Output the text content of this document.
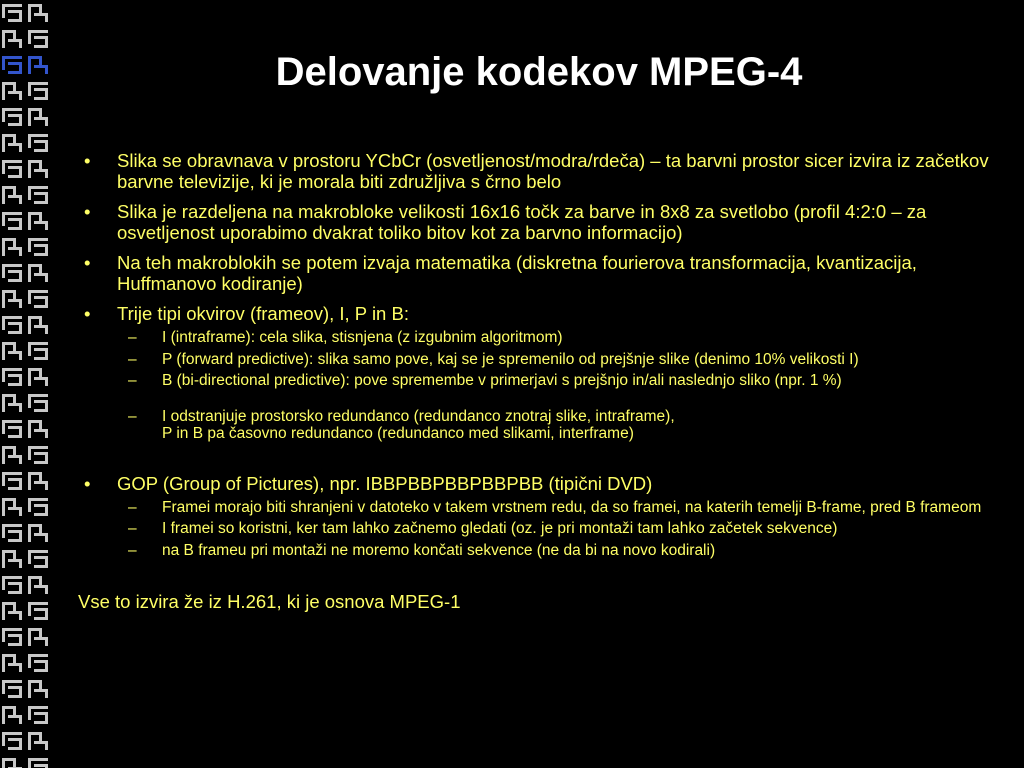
Delovanje kodekov MPEG-4
• Slika se obravnava v prostoru YCbCr (osvetljenost/modra/rdeča) – ta barvni prostor sicer izvira iz začetkov barvne televizije, ki je morala biti združljiva s črno belo
• Slika je razdeljena na makrobloke velikosti 16x16 točk za barve in 8x8 za svetlobo (profil 4:2:0 – za osvetljenost uporabimo dvakrat toliko bitov kot za barvno informacijo)
• Na teh makroblokih se potem izvaja matematika (diskretna fourierova transformacija, kvantizacija, Huffmanovo kodiranje)
• Trije tipi okvirov (frameov), I, P in B:
– I (intraframe): cela slika, stisnjena (z izgubnim algoritmom)
– P (forward predictive): slika samo pove, kaj se je spremenilo od prejšnje slike (denimo 10% velikosti I)
– B (bi-directional predictive): pove spremembe v primerjavi s prejšnjo in/ali naslednjo sliko (npr. 1 %)
– I odstranjuje prostorsko redundanco (redundanco znotraj slike, intraframe),
P in B pa časovno redundanco (redundanco med slikami, interframe)
• GOP (Group of Pictures), npr. IBBPBBPBBPBBPBB (tipični DVD)
– Framei morajo biti shranjeni v datoteko v takem vrstnem redu, da so framei, na katerih temelji B-frame, pred B frameom
– I framei so koristni, ker tam lahko začnemo gledati (oz. je pri montaži tam lahko začetek sekvence)
– na B frameu pri montaži ne moremo končati sekvence (ne da bi na novo kodirali)
Vse to izvira že iz H.261, ki je osnova MPEG-1
